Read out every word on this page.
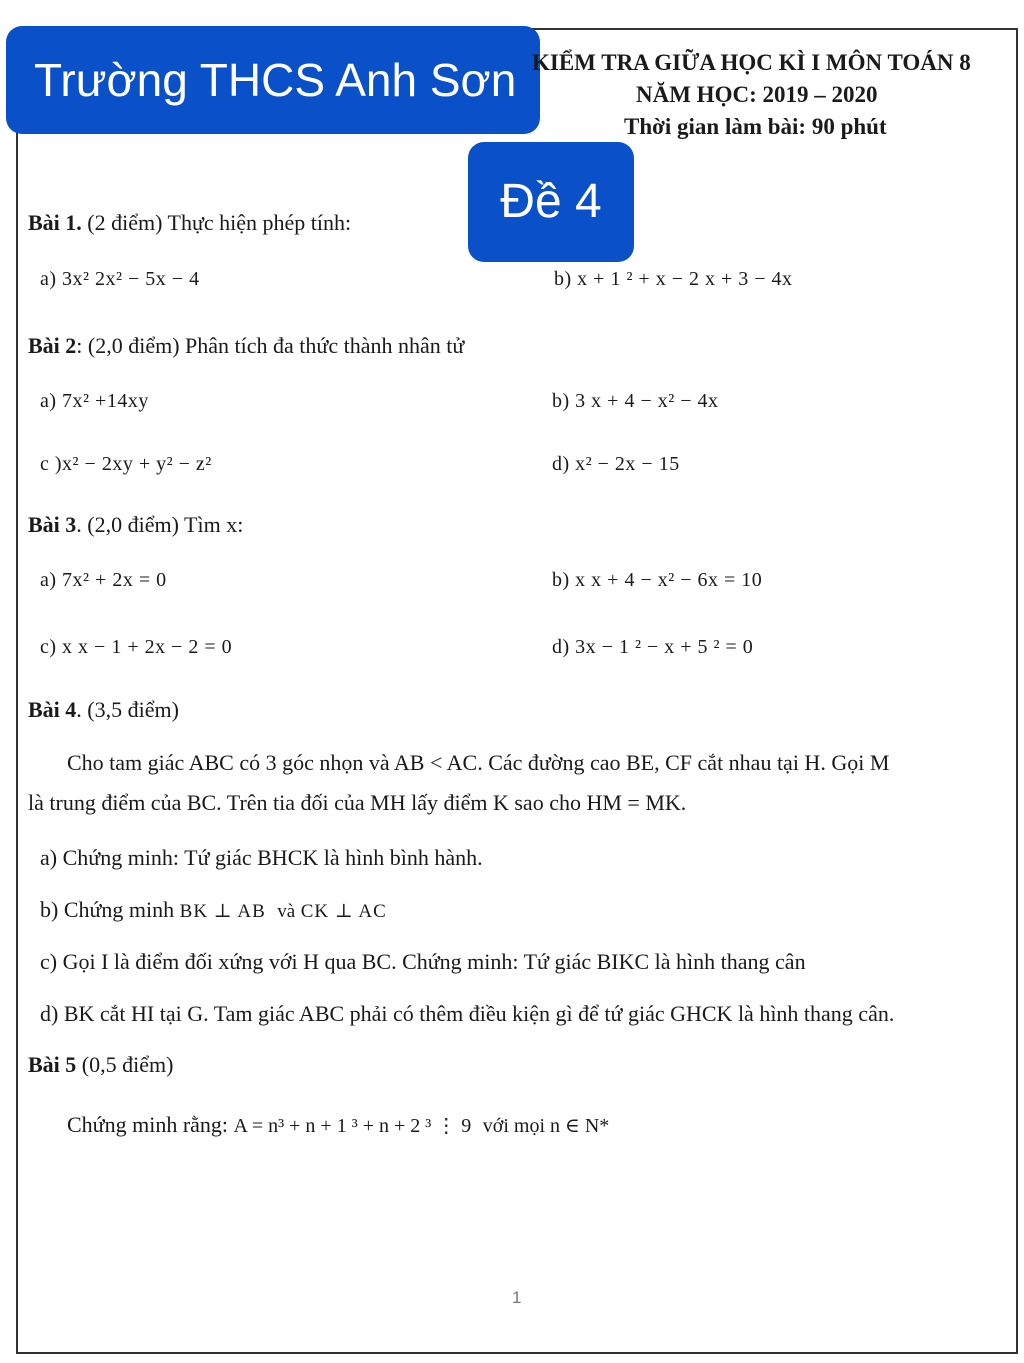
Trường THCS Anh Sơn KIỂM TRA GIỮA HỌC KÌ I MÔN TOÁN 8
NĂM HỌC: 2019 – 2020
Thời gian làm bài: 90 phút
Đề 4
Bài 1. (2 điểm) Thực hiện phép tính:
a) 3x² 2x² − 5x − 4	b) x + 1 ² + x − 2 x + 3 − 4x
Bài 2: (2,0 điểm) Phân tích đa thức thành nhân tử
a) 7x² +14xy	b) 3 x + 4 − x² − 4x
c )x² − 2xy + y² − z²	d) x² − 2x − 15
Bài 3. (2,0 điểm) Tìm x:
a) 7x² + 2x = 0	b) x x + 4 − x² − 6x = 10
c) x x − 1 + 2x − 2 = 0	d) 3x − 1 ² − x + 5 ² = 0
Bài 4. (3,5 điểm)
Cho tam giác ABC có 3 góc nhọn và AB < AC. Các đường cao BE, CF cắt nhau tại H. Gọi M
là trung điểm của BC. Trên tia đối của MH lấy điểm K sao cho HM = MK.
a) Chứng minh: Tứ giác BHCK là hình bình hành.
b) Chứng minh BK ⊥ AB và CK ⊥ AC
c) Gọi I là điểm đối xứng với H qua BC. Chứng minh: Tứ giác BIKC là hình thang cân
d) BK cắt HI tại G. Tam giác ABC phải có thêm điều kiện gì để tứ giác GHCK là hình thang cân.
Bài 5 (0,5 điểm)
Chứng minh rằng: A = n³ + n + 1 ³ + n + 2 ³ ⋮ 9 với mọi n ∈ N*
1
